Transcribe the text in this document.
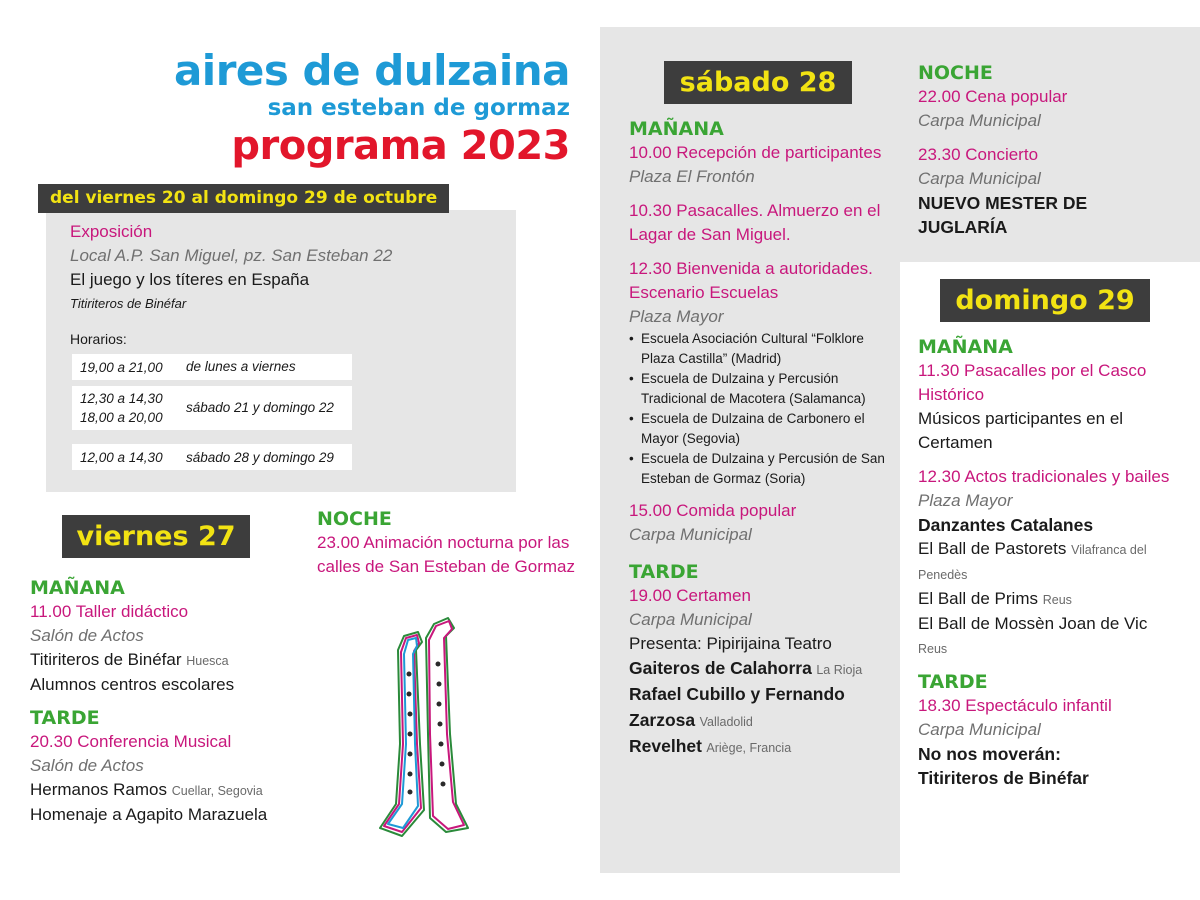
aires de dulzaina
san esteban de gormaz
programa 2023
del viernes 20 al domingo 29 de octubre
Exposición
Local A.P. San Miguel, pz. San Esteban 22
El juego y los títeres en España
Titiriteros de Binéfar
Horarios:
19,00 a 21,00 de lunes a viernes
12,30 a 14,30
18,00 a 20,00
sábado 21 y domingo 22
12,00 a 14,30 sábado 28 y domingo 29
viernes 27
MAÑANA
11.00 Taller didáctico
Salón de Actos
Titiriteros de Binéfar Huesca
Alumnos centros escolares
TARDE
20.30 Conferencia Musical
Salón de Actos
Hermanos Ramos Cuellar, Segovia
Homenaje a Agapito Marazuela
NOCHE
23.00 Animación nocturna por las calles de San Esteban de Gormaz
sábado 28
MAÑANA
10.00 Recepción de participantes
Plaza El Frontón
10.30 Pasacalles. Almuerzo en el Lagar de San Miguel.
12.30 Bienvenida a autoridades. Escenario Escuelas
Plaza Mayor
• Escuela Asociación Cultural “Folklore Plaza Castilla” (Madrid)
• Escuela de Dulzaina y Percusión Tradicional de Macotera (Salamanca)
• Escuela de Dulzaina de Carbonero el Mayor (Segovia)
• Escuela de Dulzaina y Percusión de San Esteban de Gormaz (Soria)
15.00 Comida popular
Carpa Municipal
TARDE
19.00 Certamen
Carpa Municipal
Presenta: Pipirijaina Teatro
Gaiteros de Calahorra La Rioja
Rafael Cubillo y Fernando Zarzosa Valladolid
Revelhet Ariège, Francia
NOCHE
22.00 Cena popular
Carpa Municipal
23.30 Concierto
Carpa Municipal
NUEVO MESTER DE JUGLARÍA
domingo 29
MAÑANA
11.30 Pasacalles por el Casco Histórico
Músicos participantes en el Certamen
12.30 Actos tradicionales y bailes
Plaza Mayor
Danzantes Catalanes
El Ball de Pastorets Vilafranca del Penedès
El Ball de Prims Reus
El Ball de Mossèn Joan de Vic Reus
TARDE
18.30 Espectáculo infantil
Carpa Municipal
No nos moverán: Titiriteros de Binéfar
